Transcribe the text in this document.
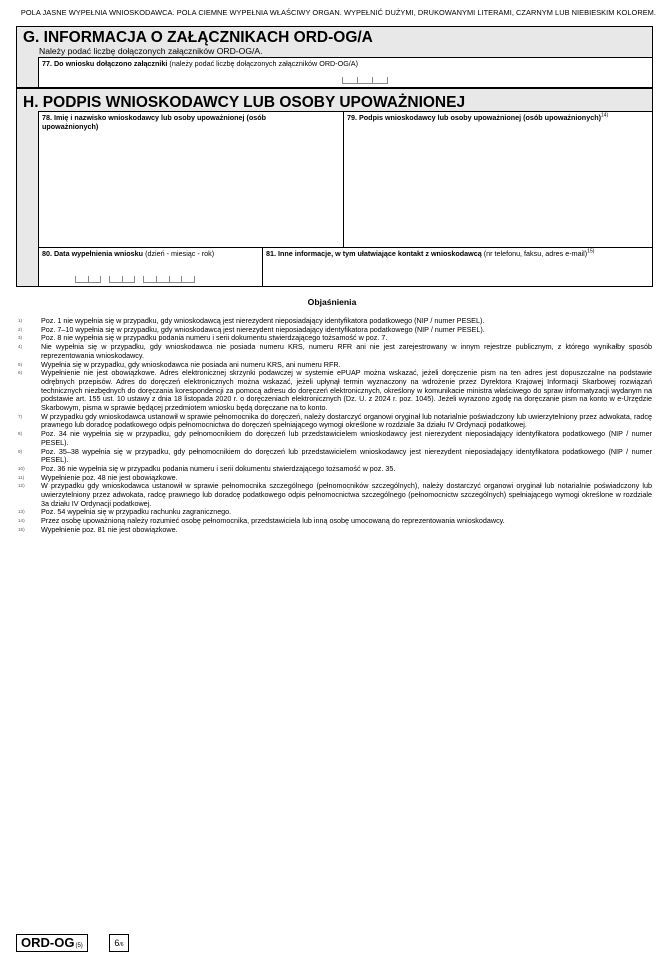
POLA JASNE WYPEŁNIA WNIOSKODAWCA. POLA CIEMNE WYPEŁNIA WŁAŚCIWY ORGAN. WYPEŁNIĆ DUŻYMI, DRUKOWANYMI LITERAMI, CZARNYM LUB NIEBIESKIM KOLOREM.
G. INFORMACJA O ZAŁĄCZNIKACH ORD-OG/A
Należy podać liczbę dołączonych załączników ORD-OG/A.
77. Do wniosku dołączono załączniki (należy podać liczbę dołączonych załączników ORD-OG/A)
H. PODPIS WNIOSKODAWCY LUB OSOBY UPOWAŻNIONEJ
78. Imię i nazwisko wnioskodawcy lub osoby upoważnionej (osób upoważnionych)
79. Podpis wnioskodawcy lub osoby upoważnionej (osób upoważnionych)$^{14)}$
80. Data wypełnienia wniosku (dzień - miesiąc - rok)	81. Inne informacje, w tym ułatwiające kontakt z wnioskodawcą (nr telefonu, faksu, adres e-mail)$^{15)}$
Objaśnienia
1)	Poz. 1 nie wypełnia się w przypadku, gdy wnioskodawcą jest nierezydent nieposiadający identyfikatora podatkowego (NIP / numer PESEL).
2)	Poz. 7–10 wypełnia się w przypadku, gdy wnioskodawcą jest nierezydent nieposiadający identyfikatora podatkowego (NIP / numer PESEL).
3)	Poz. 8 nie wypełnia się w przypadku podania numeru i serii dokumentu stwierdzającego tożsamość w poz. 7.
4)	Nie wypełnia się w przypadku, gdy wnioskodawca nie posiada numeru KRS, numeru RFR ani nie jest zarejestrowany w innym rejestrze publicznym, z którego wynikałby sposób reprezentowania wnioskodawcy.
5)	Wypełnia się w przypadku, gdy wnioskodawca nie posiada ani numeru KRS, ani numeru RFR.
6)	Wypełnienie nie jest obowiązkowe. Adres elektronicznej skrzynki podawczej w systemie ePUAP można wskazać, jeżeli doręczenie pism na ten adres jest dopuszczalne na podstawie odrębnych przepisów. Adres do doręczeń elektronicznych można wskazać, jeżeli upłynął termin wyznaczony na wdrożenie przez Dyrektora Krajowej Informacji Skarbowej rozwiązań technicznych niezbędnych do doręczania korespondencji za pomocą adresu do doręczeń elektronicznych, określony w komunikacie ministra właściwego do spraw informatyzacji wydanym na podstawie art. 155 ust. 10 ustawy z dnia 18 listopada 2020 r. o doręczeniach elektronicznych (Dz. U. z 2024 r. poz. 1045). Jeżeli wyrazono zgodę na doręczanie pism na konto w e-Urzędzie Skarbowym, pisma w sprawie będącej przedmiotem wniosku będą doręczane na to konto.
7)	W przypadku gdy wnioskodawca ustanowił w sprawie pełnomocnika do doręczeń, należy dostarczyć organowi oryginał lub notarialnie poświadczony lub uwierzytelniony przez adwokata, radcę prawnego lub doradcę podatkowego odpis pełnomocnictwa do doręczeń spełniającego wymogi określone w rozdziale 3a działu IV Ordynacji podatkowej.
8)	Poz. 34 nie wypełnia się w przypadku, gdy pełnomocnikiem do doręczeń lub przedstawicielem wnioskodawcy jest nierezydent nieposiadający identyfikatora podatkowego (NIP / numer PESEL).
9)	Poz. 35–38 wypełnia się w przypadku, gdy pełnomocnikiem do doręczeń lub przedstawicielem wnioskodawcy jest nierezydent nieposiadający identyfikatora podatkowego (NIP / numer PESEL).
10) Poz. 36 nie wypełnia się w przypadku podania numeru i serii dokumentu stwierdzającego tożsamość w poz. 35.
11) Wypełnienie poz. 48 nie jest obowiązkowe.
12) W przypadku gdy wnioskodawca ustanowił w sprawie pełnomocnika szczególnego (pełnomocników szczególnych), należy dostarczyć organowi oryginał lub notarialnie poświadczony lub uwierzytelniony przez adwokata, radcę prawnego lub doradcę podatkowego odpis pełnomocnictwa szczególnego (pełnomocnictw szczególnych) spełniającego wymogi określone w rozdziale 3a działu IV Ordynacji podatkowej.
13) Poz. 54 wypełnia się w przypadku rachunku zagranicznego.
14) Przez osobę upoważnioną należy rozumieć osobę pełnomocnika, przedstawiciela lub inną osobę umocowaną do reprezentowania wnioskodawcy.
15) Wypełnienie poz. 81 nie jest obowiązkowe.
ORD-OG (5)	6/6
